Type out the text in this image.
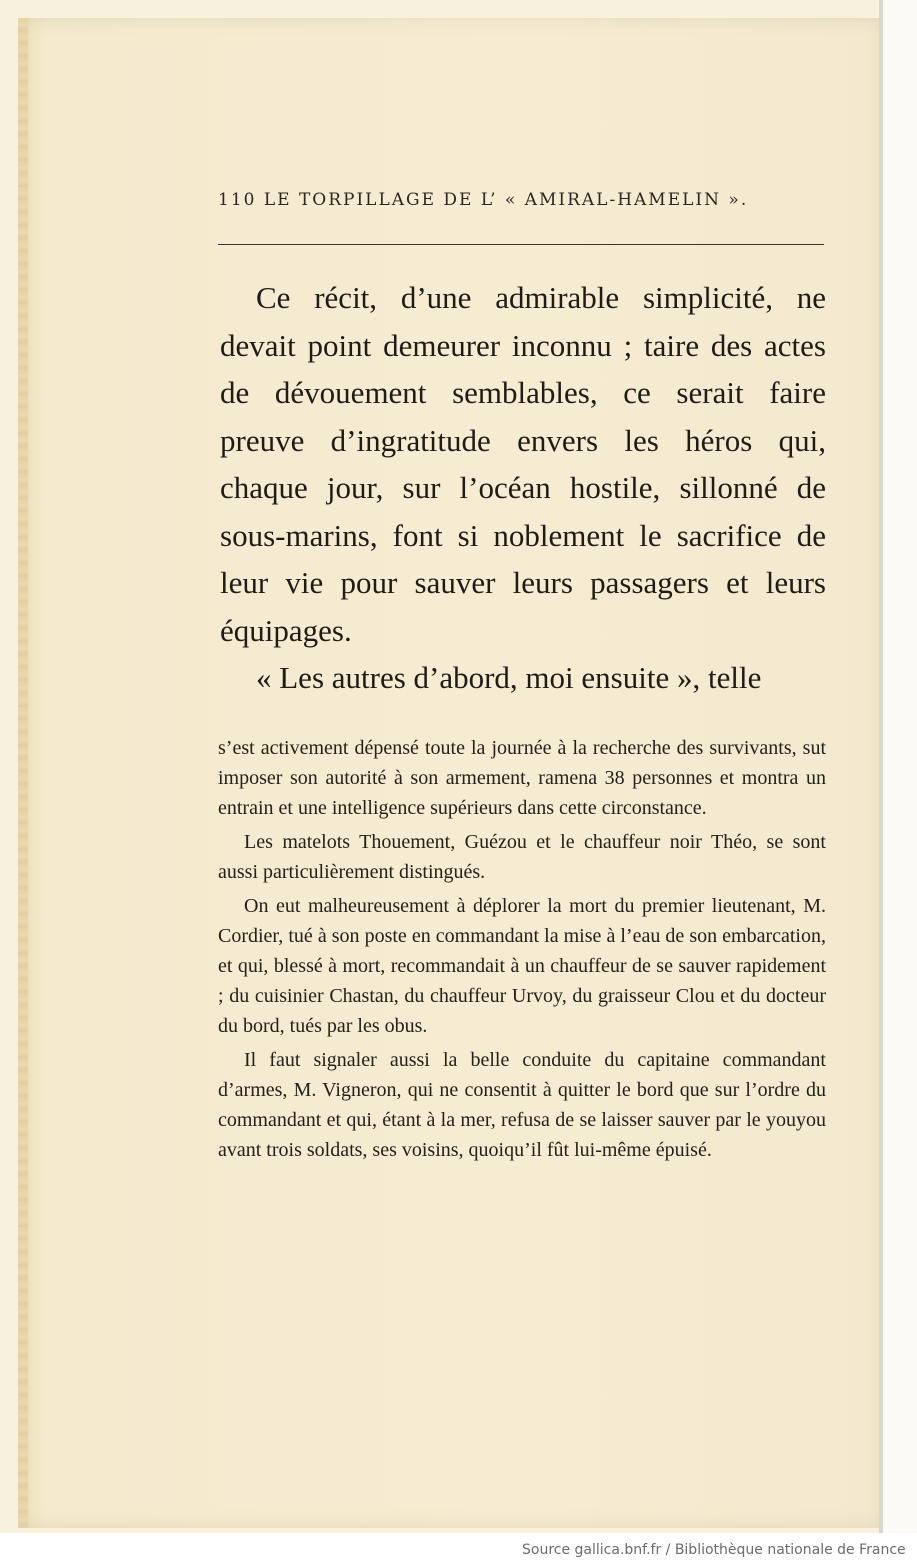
110 LE TORPILLAGE DE L’ « AMIRAL-HAMELIN ».

Ce récit, d’une admirable simplicité, ne devait point demeurer inconnu ; taire des actes de dévouement semblables, ce serait faire preuve d’ingratitude envers les héros qui, chaque jour, sur l’océan hostile, sillonné de sous-marins, font si noblement le sacrifice de leur vie pour sauver leurs passagers et leurs équipages.

« Les autres d’abord, moi ensuite », telle

s’est activement dépensé toute la journée à la recherche des survivants, sut imposer son autorité à son armement, ramena 38 personnes et montra un entrain et une intelligence supérieurs dans cette circonstance.

Les matelots Thouement, Guézou et le chauffeur noir Théo, se sont aussi particulièrement distingués.

On eut malheureusement à déplorer la mort du premier lieutenant, M. Cordier, tué à son poste en commandant la mise à l’eau de son embarcation, et qui, blessé à mort, recommandait à un chauffeur de se sauver rapidement ; du cuisinier Chastan, du chauffeur Urvoy, du graisseur Clou et du docteur du bord, tués par les obus.

Il faut signaler aussi la belle conduite du capitaine commandant d’armes, M. Vigneron, qui ne consentit à quitter le bord que sur l’ordre du commandant et qui, étant à la mer, refusa de se laisser sauver par le youyou avant trois soldats, ses voisins, quoiqu’il fût lui-même épuisé.

Source gallica.bnf.fr / Bibliothèque nationale de France
